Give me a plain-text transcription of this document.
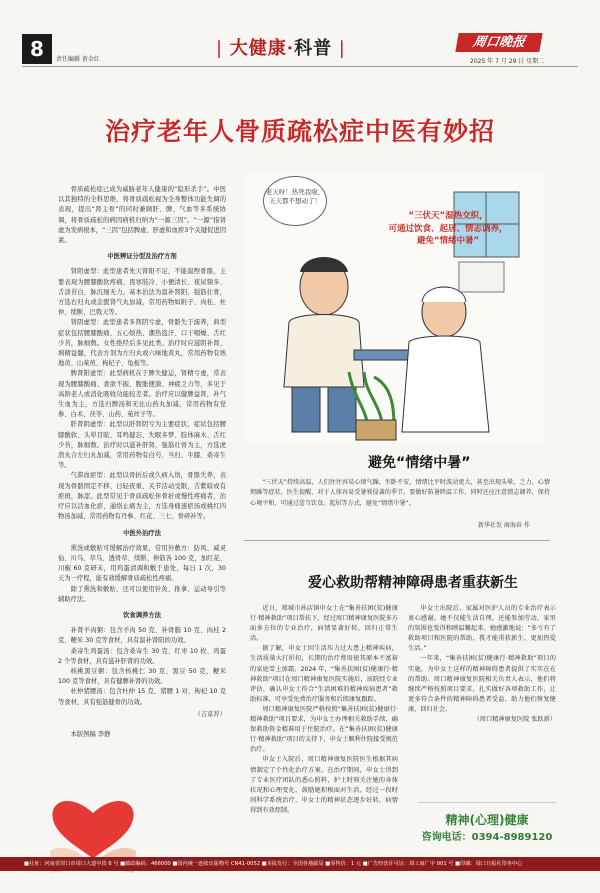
8	责任编辑 黄金红
| 大健康·科普 |	周口晚报
2025 年 7 月 29 日 星期二
治疗老年人骨质疏松症中医有妙招

骨质疏松症已成为威胁老年人健康的“隐形杀手”。中医以其独特的全科思维，将骨质疏松视为全身整体功能失调的表现，提出“肾主骨”的同时兼顾肝、脾、气血等多系统协调，将骨质疏松的病因病机归纳为“一源三因”。“一源”指肾虚为发病根本，“三因”包括脾虚、肝虚和血瘀3个关键促进因素。

中医辨证分型及治疗方剂

肾阳虚型：此型患者先天肾阳不足，不能温煦骨骼，主要表现为腰膝酸软疼痛、畏寒肢冷、小便清长、夜尿频多、舌淡苔白，脉沉细无力。基本治法为温补肾阳，强筋壮骨，方选右归丸或金匮肾气丸加减，常用药物如附子、肉桂、杜仲、续断、巴戟天等。

肾阴虚型：此型患者多肾阴亏虚，骨骼失于濡养，典型症状包括腰膝酸痛、五心烦热、潮热盗汗、口干咽燥、舌红少苔，脉细数。女性绝经后多见此类。治疗时应滋阴补肾、填精益髓，代表方剂为左归丸或六味地黄丸，常用药物有熟地黄、山茱萸、枸杞子、龟板等。

脾肾阳虚型：此型病机在于脾失健运，肾精亏虚，常表现为腰膝酸痛、食欲不振、腹胀便溏、神疲乏力等，多见于高龄老人或消化吸收功能较差者。治疗应以健脾益肾，补气生血为主，方选归脾汤和无比山药丸加减，常用药物有党参、白术、茯苓、山药、菟丝子等。

肝肾阴虚型：此型以肝肾阴亏为主要症状，症状包括腰膝酸软、头晕目眩、耳鸣健忘、失眠多梦、肢体麻木、舌红少苔，脉细数。治疗时以滋补肝肾，强筋壮骨为主，方选虎潜丸合左归丸加减，常用药物有白芍、当归、牛膝、桑寄生等。

气滞血瘀型：此型以骨折后或久病入络，骨骼失养，表现为骨骼固定不移、日轻夜重、关节活动受限，舌紫暗或有瘀斑，脉涩。此型常见于骨质疏松伴骨折或慢性疼痛者，治疗应以活血化瘀、通络止痛为主，方选身痛逐瘀汤或桃红四物汤加减，常用药物有丹参、红花、三七、骨碎补等。

中医外治疗法

熏洗或敷贴可缓解治疗效果，常用外敷方：防风、威灵仙、川乌、草乌、透骨草、续断、伸筋各 100 克，加红花、川椒 60 克研末，用鸡蛋清调和敷于患处，每日 1 次，30 天为一疗程，能有效缓解骨质疏松性疼痛。

除了熏洗和敷贴，还可以使用针灸、推拿、运动导引等辅助疗法。

饮食调养方法

补肾羊肉粥：包含羊肉 50 克、补骨脂 10 克、肉桂 2 克、粳米 30 克等食材，具有温补肾阳的功效。

桑寄生鸡蛋汤：包含桑寄生 30 克、红枣 10 枚、鸡蛋 2 个等食材，具有滋补肝肾的功效。

核桃黑豆粥：包含核桃仁 30 克、黑豆 50 克、粳米 100 克等食材，具有健脾补肾的功效。

杜仲猪腰汤：包含杜仲 15 克、猪腰 1 对、枸杞 10 克等食材，具有强筋健骨的功效。

（吉京荐）

本版图稿 李静

老天呀！热死我啦，天天都不想动了！
“三伏天”湿热交织，
可通过饮食、起居、情志调养，
避免“情绪中暑”
避免“情绪中暑”
“三伏天”持续高温，人们往往容易心烦气躁、坐卧不安，情绪比平时波动更大，甚至出现头晕、乏力、心情烦躁等症状。医生提醒，对于人体容易受暑邪侵袭的季节，要做好防暑降温工作，同时还应注意情志调养，保持心境平和，可通过适当饮食、起居等方式，避免“情绪中暑”。
新华社发 商海春 作
爱心救助帮精神障碍患者重获新生

近日，郑城市孙店镇申女士在“集善扶困(贫)健康行·精神救助”项目帮扶下，经过周口精神康复医院多方面多方位的专业治疗，病情显著好转，回归正常生活。

据了解，申女士因生活压力过大患上精神疾病，生活质量大打折扣，长期的治疗费用使其原本不富裕的家庭雪上加霜。2024 年，“集善扶困(贫)健康行·精神救助”项目在周口精神康复医院实施后，该院经专业评估，确认申女士符合“生活困难的精神疾病患者”救助标准，可享受免费治疗服务和后续康复跟踪。

周口精神康复医院严格按照“集善扶困(贫)健康行·精神救助”项目要求，为申女士办理相关救助手续，确保救助资金精准用于住院治疗。在“集善扶困(贫)健康行·精神救助”项目的支持下，申女士顺利住院接受规范治疗。

申女士入院后，周口精神康复医院医生根据其病情制定了个性化治疗方案。在治疗期间，申女士得到了专业医疗团队的悉心照料，护士时刻关注她的身体状况和心理变化，鼓励她积极面对生活。经过一段时间科学系统治疗，申女士的精神状态逐步好转，病情得到有效控制。

申女士出院后，家属对医护人员的专业治疗表示衷心感谢。她不仅能生活自理，还能参加劳动，家里的氛围也变得和睦温馨起来。她感激地说：“多亏有了救助项目和医院的帮助，我才能重获新生，更加热爱生活。”

一年来，“集善扶困(贫)健康行·精神救助”项目的实施，为申女士这样的精神障碍患者提供了实实在在的帮助。周口精神康复医院相关负责人表示，他们将继续严格按照项目要求，扎实做好各项救助工作，让更多符合条件的精神障碍患者受益，助力他们恢复健康，回归社会。

（周口精神康复医院 张跃新）
精神(心理)健康
咨询电话：0394-8989120
■社址：河南省周口市周口大道中段 6 号 ■邮政编码：466000 ■国内统一连续出版物号 CN41-0052 ■本报发行：全国各地邮局 ■零售价：1 元 ■广告经营许可证：周工商广字 001 号 ■印刷：周口日报社印务中心
